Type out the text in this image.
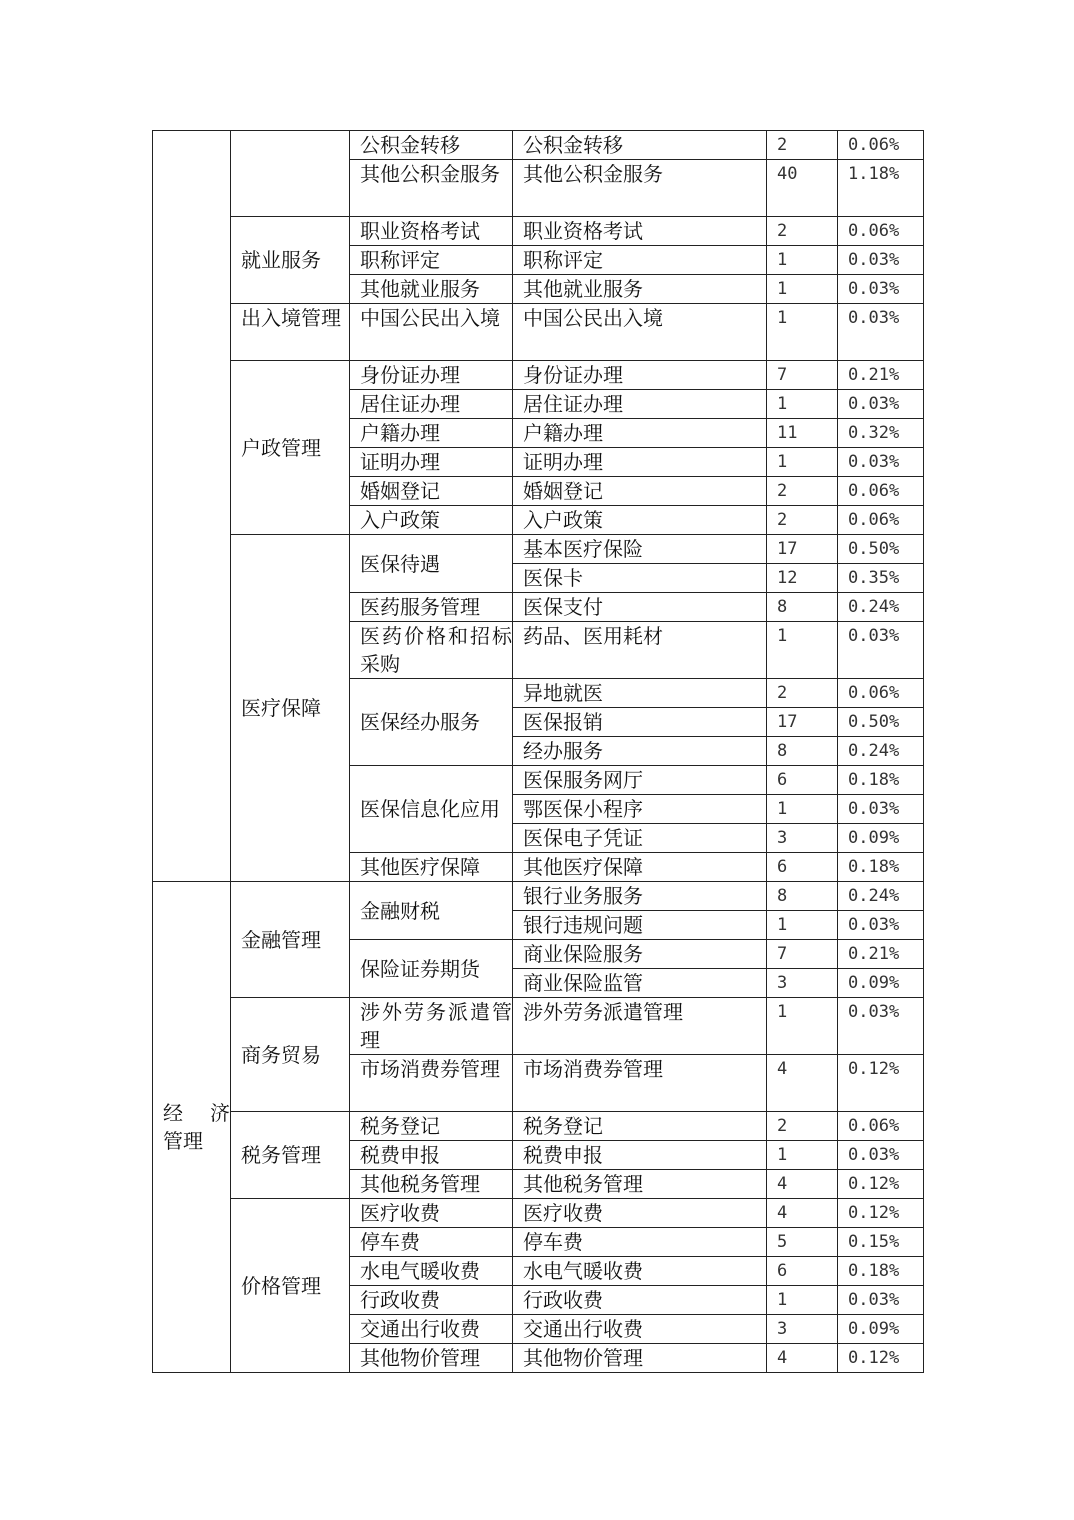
		公积金转移	公积金转移	2	0.06%
		其他公积金服务	其他公积金服务	40	1.18%
	就业服务	职业资格考试	职业资格考试	2	0.06%
		职称评定	职称评定	1	0.03%
		其他就业服务	其他就业服务	1	0.03%
	出入境管理	中国公民出入境	中国公民出入境	1	0.03%
	户政管理	身份证办理	身份证办理	7	0.21%
		居住证办理	居住证办理	1	0.03%
		户籍办理	户籍办理	11	0.32%
		证明办理	证明办理	1	0.03%
		婚姻登记	婚姻登记	2	0.06%
		入户政策	入户政策	2	0.06%
	医疗保障	医保待遇	基本医疗保险	17	0.50%
			医保卡	12	0.35%
		医药服务管理	医保支付	8	0.24%
		医药价格和招标采购	药品、医用耗材	1	0.03%
		医保经办服务	异地就医	2	0.06%
			医保报销	17	0.50%
			经办服务	8	0.24%
		医保信息化应用	医保服务网厅	6	0.18%
			鄂医保小程序	1	0.03%
			医保电子凭证	3	0.09%
		其他医疗保障	其他医疗保障	6	0.18%
经 济 管理	金融管理	金融财税	银行业务服务	8	0.24%
			银行违规问题	1	0.03%
		保险证券期货	商业保险服务	7	0.21%
			商业保险监管	3	0.09%
	商务贸易	涉外劳务派遣管理	涉外劳务派遣管理	1	0.03%
		市场消费券管理	市场消费券管理	4	0.12%
	税务管理	税务登记	税务登记	2	0.06%
		税费申报	税费申报	1	0.03%
		其他税务管理	其他税务管理	4	0.12%
	价格管理	医疗收费	医疗收费	4	0.12%
		停车费	停车费	5	0.15%
		水电气暖收费	水电气暖收费	6	0.18%
		行政收费	行政收费	1	0.03%
		交通出行收费	交通出行收费	3	0.09%
		其他物价管理	其他物价管理	4	0.12%
